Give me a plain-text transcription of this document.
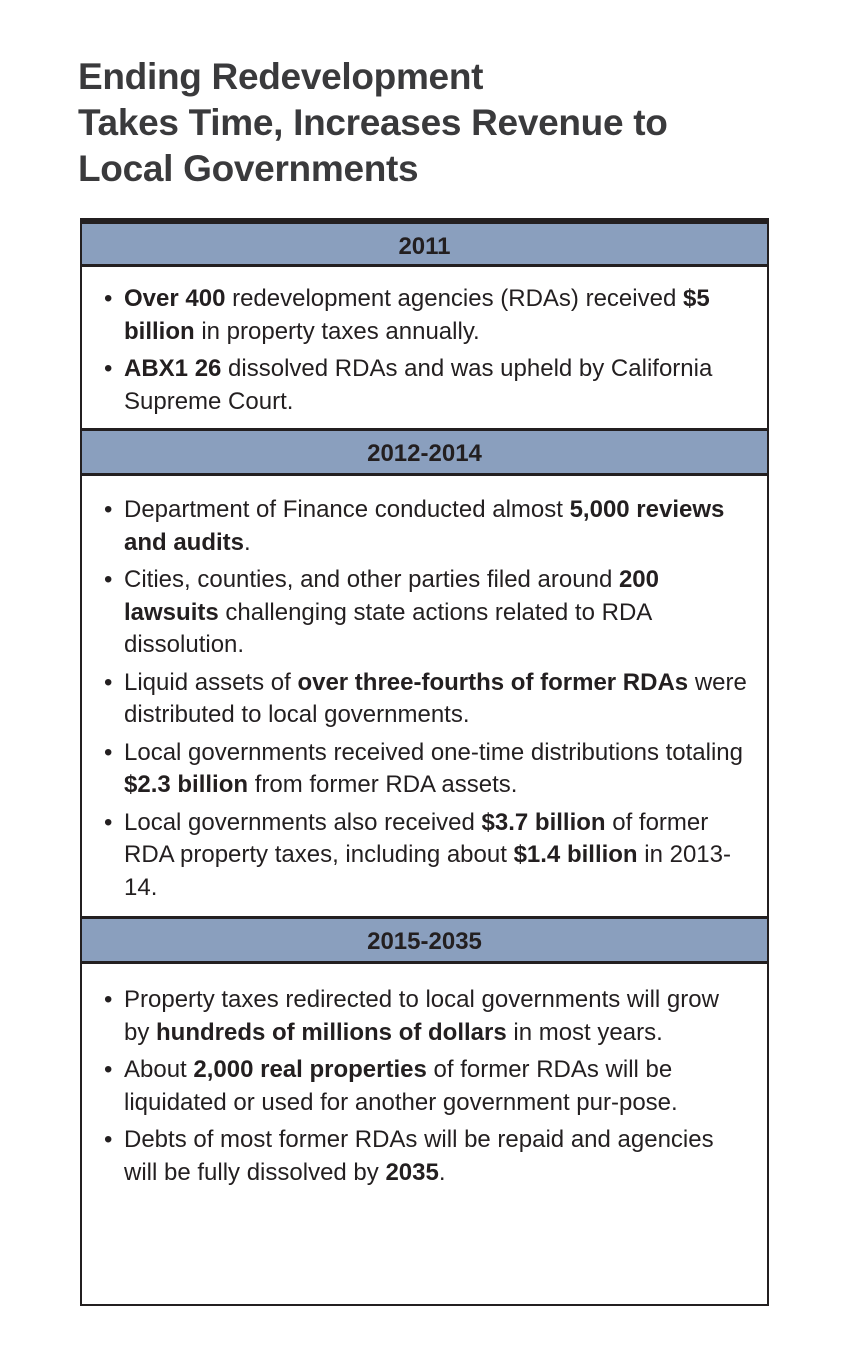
Ending Redevelopment
Takes Time, Increases Revenue to
Local Governments
2011
• Over 400 redevelopment agencies (RDAs) received $5 billion in property taxes annually.
• ABX1 26 dissolved RDAs and was upheld by California Supreme Court.
2012-2014
• Department of Finance conducted almost 5,000 reviews and audits.
• Cities, counties, and other parties filed around 200 lawsuits challenging state actions related to RDA dissolution.
• Liquid assets of over three-fourths of former RDAs were distributed to local governments.
• Local governments received one-time distributions totaling $2.3 billion from former RDA assets.
• Local governments also received $3.7 billion of former RDA property taxes, including about $1.4 billion in 2013-14.
2015-2035
• Property taxes redirected to local governments will grow by hundreds of millions of dollars in most years.
• About 2,000 real properties of former RDAs will be liquidated or used for another government pur-pose.
• Debts of most former RDAs will be repaid and agencies will be fully dissolved by 2035.
